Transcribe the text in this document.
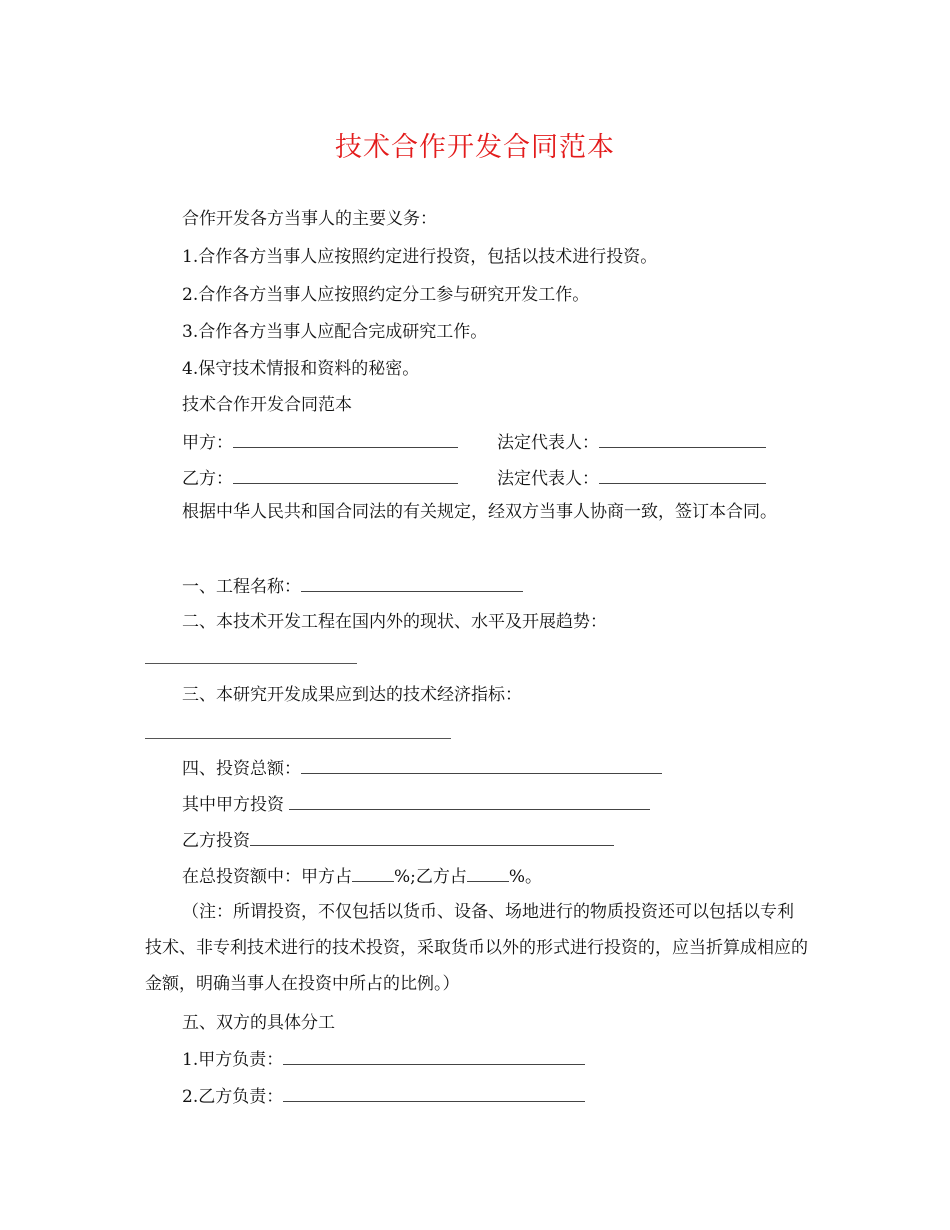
技术合作开发合同范本

合作开发各方当事人的主要义务：

1.合作各方当事人应按照约定进行投资，包括以技术进行投资。

2.合作各方当事人应按照约定分工参与研究开发工作。

3.合作各方当事人应配合完成研究工作。

4.保守技术情报和资料的秘密。

技术合作开发合同范本

甲方：	法定代表人：

乙方：	法定代表人：

根据中华人民共和国合同法的有关规定，经双方当事人协商一致，签订本合同。

一、工程名称：

二、本技术开发工程在国内外的现状、水平及开展趋势：

三、本研究开发成果应到达的技术经济指标：

四、投资总额：

其中甲方投资

乙方投资

在总投资额中：甲方占 %;乙方占 %。

（注：所谓投资，不仅包括以货币、设备、场地进行的物质投资还可以包括以专利技术、非专利技术进行的技术投资，采取货币以外的形式进行投资的，应当折算成相应的金额，明确当事人在投资中所占的比例。）

五、双方的具体分工

1.甲方负责：

2.乙方负责：
